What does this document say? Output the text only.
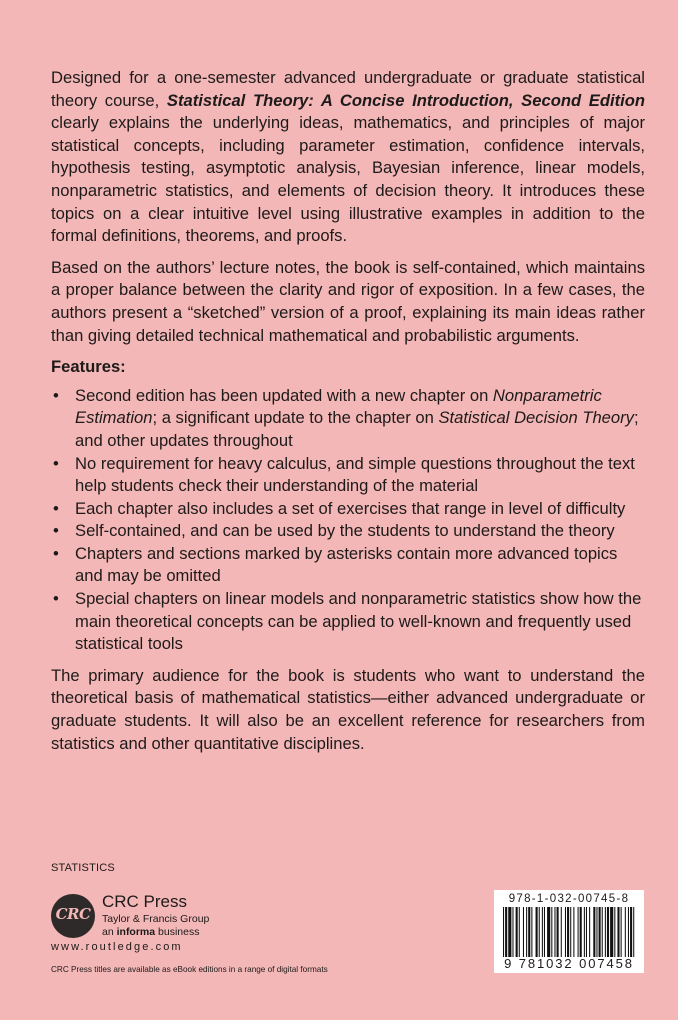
Designed for a one-semester advanced undergraduate or graduate statistical theory course, Statistical Theory: A Concise Introduction, Second Edition clearly explains the underlying ideas, mathematics, and principles of major statistical concepts, including parameter estimation, confidence intervals, hypothesis testing, asymptotic analysis, Bayesian inference, linear models, nonparametric statistics, and elements of decision theory. It introduces these topics on a clear intuitive level using illustrative examples in addition to the formal definitions, theorems, and proofs.

Based on the authors’ lecture notes, the book is self-contained, which maintains a proper balance between the clarity and rigor of exposition. In a few cases, the authors present a “sketched” version of a proof, explaining its main ideas rather than giving detailed technical mathematical and probabilistic arguments.

Features:

• Second edition has been updated with a new chapter on Nonparametric Estimation; a significant update to the chapter on Statistical Decision Theory; and other updates throughout
• No requirement for heavy calculus, and simple questions throughout the text help students check their understanding of the material
• Each chapter also includes a set of exercises that range in level of difficulty
• Self-contained, and can be used by the students to understand the theory
• Chapters and sections marked by asterisks contain more advanced topics and may be omitted
• Special chapters on linear models and nonparametric statistics show how the main theoretical concepts can be applied to well-known and frequently used statistical tools

The primary audience for the book is students who want to understand the theoretical basis of mathematical statistics—either advanced undergraduate or graduate students. It will also be an excellent reference for researchers from statistics and other quantitative disciplines.

STATISTICS
CRC
CRC Press
Taylor & Francis Group
an informa business
www.routledge.com
CRC Press titles are available as eBook editions in a range of digital formats
978-1-032-00745-8
9 781032 007458
